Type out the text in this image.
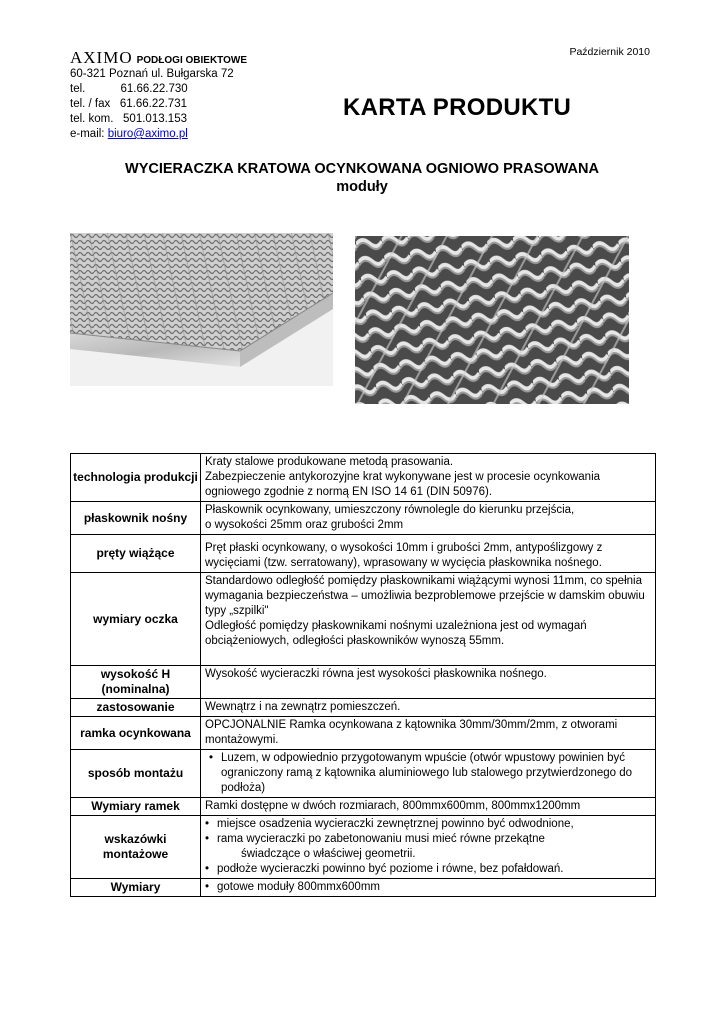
AXIMO PODŁOGI OBIEKTOWE
60-321 Poznań ul. Bułgarska 72
tel.           61.66.22.730
tel. / fax   61.66.22.731
tel. kom.   501.013.153
e-mail: biuro@aximo.pl
Październik 2010
KARTA PRODUKTU
WYCIERACZKA KRATOWA OCYNKOWANA OGNIOWO PRASOWANA
moduły
technologia produkcji	Kraty stalowe produkowane metodą prasowania.
Zabezpieczenie antykorozyjne krat wykonywane jest w procesie ocynkowania ogniowego zgodnie z normą EN ISO 14 61 (DIN 50976).

płaskownik nośny	Płaskownik ocynkowany, umieszczony równolegle do kierunku przejścia,
o wysokości 25mm oraz grubości 2mm

pręty wiążące	Pręt płaski ocynkowany, o wysokości 10mm i grubości 2mm, antypoślizgowy z wycięciami (tzw. serratowany), wprasowany w wycięcia płaskownika nośnego.

wymiary oczka	Standardowo odległość pomiędzy płaskownikami wiążącymi wynosi 11mm, co spełnia wymagania bezpieczeństwa – umożliwia bezproblemowe przejście w damskim obuwiu typy „szpilki"
Odległość pomiędzy płaskownikami nośnymi uzależniona jest od wymagań obciążeniowych, odległości płaskowników wynoszą 55mm.

wysokość H (nominalna)	Wysokość wycieraczki równa jest wysokości płaskownika nośnego.

zastosowanie	Wewnątrz i na zewnątrz pomieszczeń.

ramka ocynkowana	OPCJONALNIE Ramka ocynkowana z kątownika 30mm/30mm/2mm, z otworami montażowymi.

sposób montażu	• Luzem, w odpowiednio przygotowanym wpuście (otwór wpustowy powinien być ograniczony ramą z kątownika aluminiowego lub stalowego przytwierdzonego do podłoża)

Wymiary ramek	Ramki dostępne w dwóch rozmiarach, 800mmx600mm, 800mmx1200mm

wskazówki montażowe	• miejsce osadzenia wycieraczki zewnętrznej powinno być odwodnione,
• rama wycieraczki po zabetonowaniu musi mieć równe przekątne
świadczące o właściwej geometrii.
• podłoże wycieraczki powinno być poziome i równe, bez pofałdowań.

Wymiary	• gotowe moduły 800mmx600mm
